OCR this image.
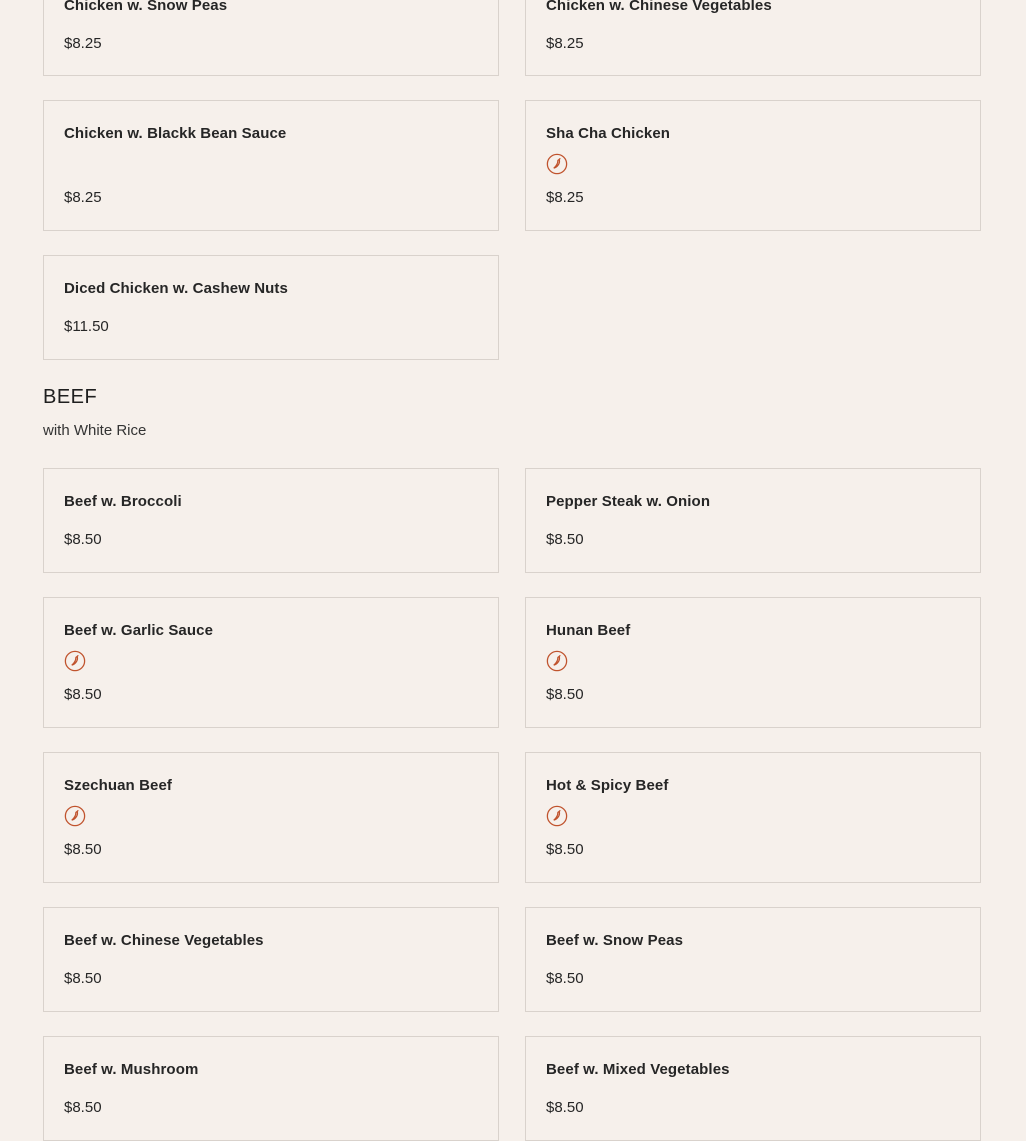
Chicken w. Snow Peas
$8.25
Chicken w. Chinese Vegetables
$8.25
Chicken w. Blackk Bean Sauce
$8.25
Sha Cha Chicken
$8.25
Diced Chicken w. Cashew Nuts
$11.50
BEEF
with White Rice
Beef w. Broccoli
$8.50
Pepper Steak w. Onion
$8.50
Beef w. Garlic Sauce
$8.50
Hunan Beef
$8.50
Szechuan Beef
$8.50
Hot & Spicy Beef
$8.50
Beef w. Chinese Vegetables
$8.50
Beef w. Snow Peas
$8.50
Beef w. Mushroom
$8.50
Beef w. Mixed Vegetables
$8.50
